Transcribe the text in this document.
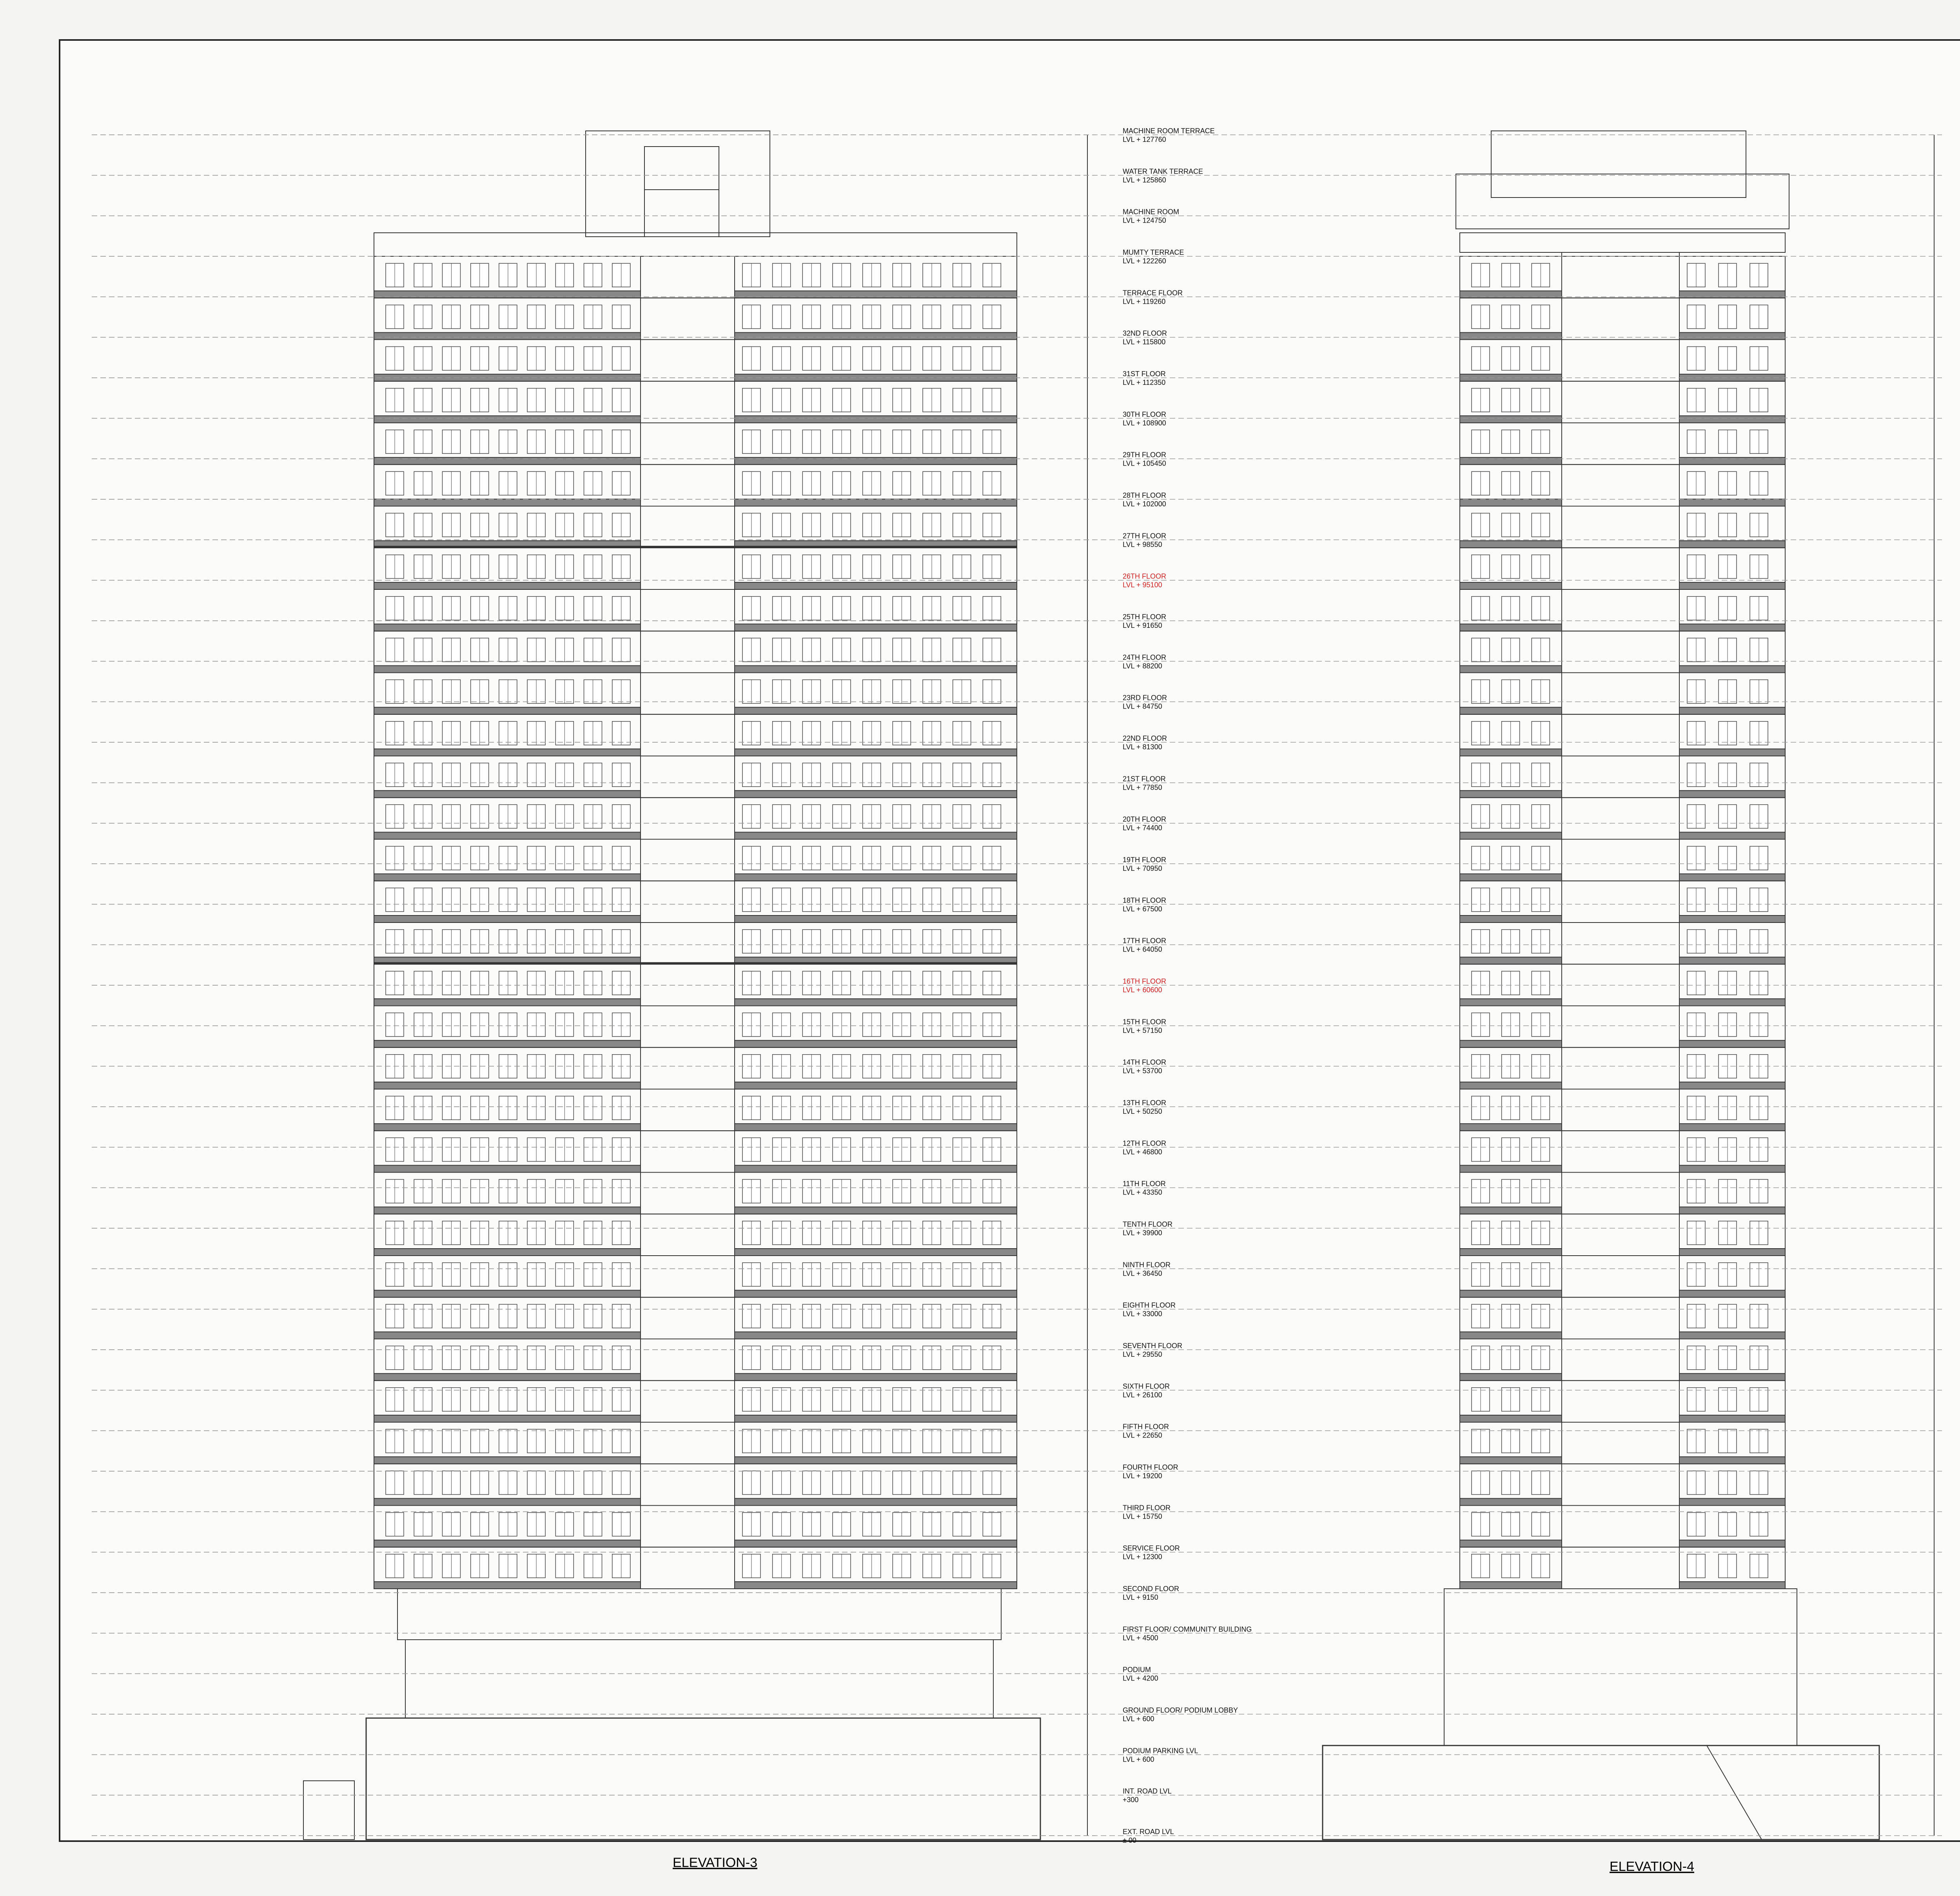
ELEVATION-3
MACHINE ROOM TERRACE
LVL + 127760
WATER TANK TERRACE
LVL + 125860
MACHINE ROOM
LVL + 124750
MUMTY TERRACE
LVL + 122260
TERRACE FLOOR
LVL + 119260
32ND FLOOR
LVL + 115800
31ST FLOOR
LVL + 112350
30TH FLOOR
LVL + 108900
29TH FLOOR
LVL + 105450
28TH FLOOR
LVL + 102000
27TH FLOOR
LVL + 98550
26TH FLOOR
LVL + 95100
25TH FLOOR
LVL + 91650
24TH FLOOR
LVL + 88200
23RD FLOOR
LVL + 84750
22ND FLOOR
LVL + 81300
21ST FLOOR
LVL + 77850
20TH FLOOR
LVL + 74400
19TH FLOOR
LVL + 70950
18TH FLOOR
LVL + 67500
17TH FLOOR
LVL + 64050
16TH FLOOR
LVL + 60600
15TH FLOOR
LVL + 57150
14TH FLOOR
LVL + 53700
13TH FLOOR
LVL + 50250
12TH FLOOR
LVL + 46800
11TH FLOOR
LVL + 43350
TENTH FLOOR
LVL + 39900
NINTH FLOOR
LVL + 36450
EIGHTH FLOOR
LVL + 33000
SEVENTH FLOOR
LVL + 29550
SIXTH FLOOR
LVL + 26100
FIFTH FLOOR
LVL + 22650
FOURTH FLOOR
LVL + 19200
THIRD FLOOR
LVL + 15750
SERVICE FLOOR
LVL + 12300
SECOND FLOOR
LVL + 9150
FIRST FLOOR/ COMMUNITY BUILDING
LVL + 4500
PODIUM
LVL + 4200
GROUND FLOOR/ PODIUM LOBBY
LVL + 600
PODIUM PARKING LVL
LVL + 600
INT. ROAD LVL
+300
EXT. ROAD LVL
± 00
ELEVATION-4
